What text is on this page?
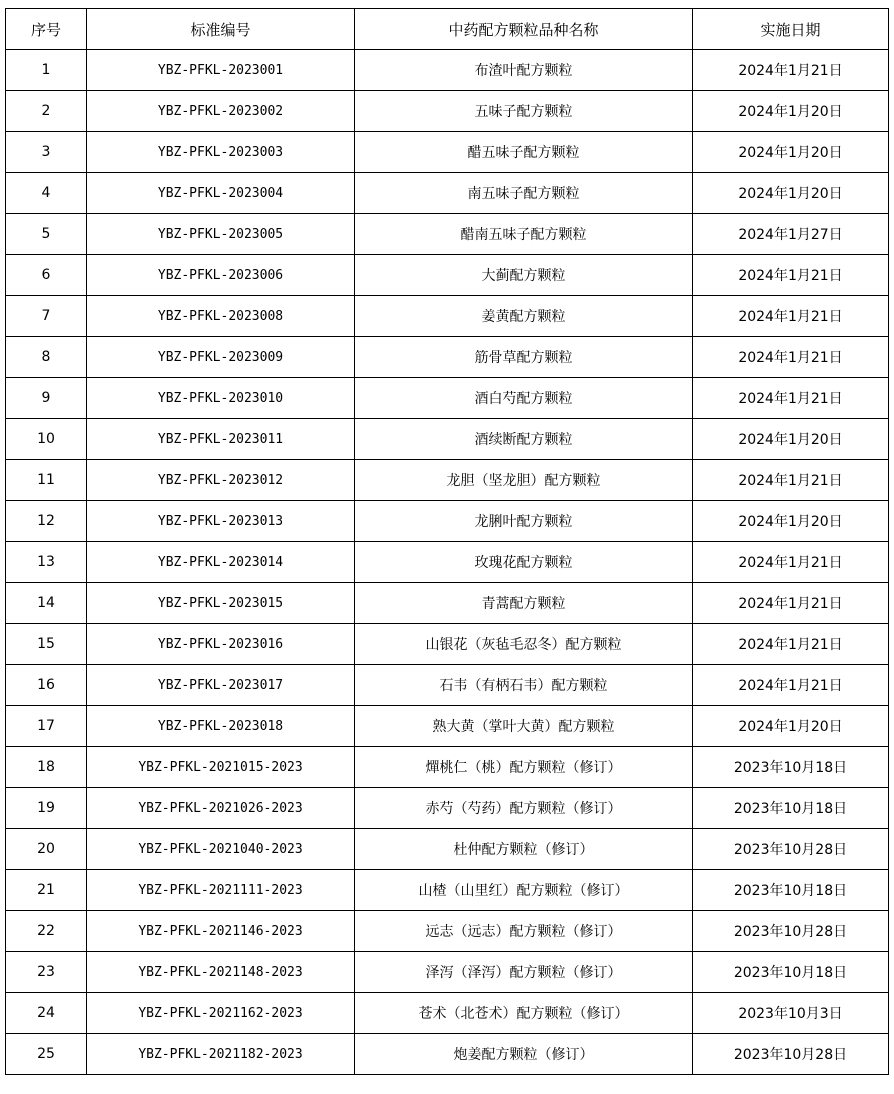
序号	标准编号	中药配方颗粒品种名称	实施日期
1	YBZ-PFKL-2023001	布渣叶配方颗粒	2024年1月21日
2	YBZ-PFKL-2023002	五味子配方颗粒	2024年1月20日
3	YBZ-PFKL-2023003	醋五味子配方颗粒	2024年1月20日
4	YBZ-PFKL-2023004	南五味子配方颗粒	2024年1月20日
5	YBZ-PFKL-2023005	醋南五味子配方颗粒	2024年1月27日
6	YBZ-PFKL-2023006	大蓟配方颗粒	2024年1月21日
7	YBZ-PFKL-2023008	姜黄配方颗粒	2024年1月21日
8	YBZ-PFKL-2023009	筋骨草配方颗粒	2024年1月21日
9	YBZ-PFKL-2023010	酒白芍配方颗粒	2024年1月21日
10	YBZ-PFKL-2023011	酒续断配方颗粒	2024年1月20日
11	YBZ-PFKL-2023012	龙胆（坚龙胆）配方颗粒	2024年1月21日
12	YBZ-PFKL-2023013	龙脷叶配方颗粒	2024年1月20日
13	YBZ-PFKL-2023014	玫瑰花配方颗粒	2024年1月21日
14	YBZ-PFKL-2023015	青蒿配方颗粒	2024年1月21日
15	YBZ-PFKL-2023016	山银花（灰毡毛忍冬）配方颗粒	2024年1月21日
16	YBZ-PFKL-2023017	石韦（有柄石韦）配方颗粒	2024年1月21日
17	YBZ-PFKL-2023018	熟大黄（掌叶大黄）配方颗粒	2024年1月20日
18	YBZ-PFKL-2021015-2023	燀桃仁（桃）配方颗粒（修订）	2023年10月18日
19	YBZ-PFKL-2021026-2023	赤芍（芍药）配方颗粒（修订）	2023年10月18日
20	YBZ-PFKL-2021040-2023	杜仲配方颗粒（修订）	2023年10月28日
21	YBZ-PFKL-2021111-2023	山楂（山里红）配方颗粒（修订）	2023年10月18日
22	YBZ-PFKL-2021146-2023	远志（远志）配方颗粒（修订）	2023年10月28日
23	YBZ-PFKL-2021148-2023	泽泻（泽泻）配方颗粒（修订）	2023年10月18日
24	YBZ-PFKL-2021162-2023	苍术（北苍术）配方颗粒（修订）	2023年10月3日
25	YBZ-PFKL-2021182-2023	炮姜配方颗粒（修订）	2023年10月28日
